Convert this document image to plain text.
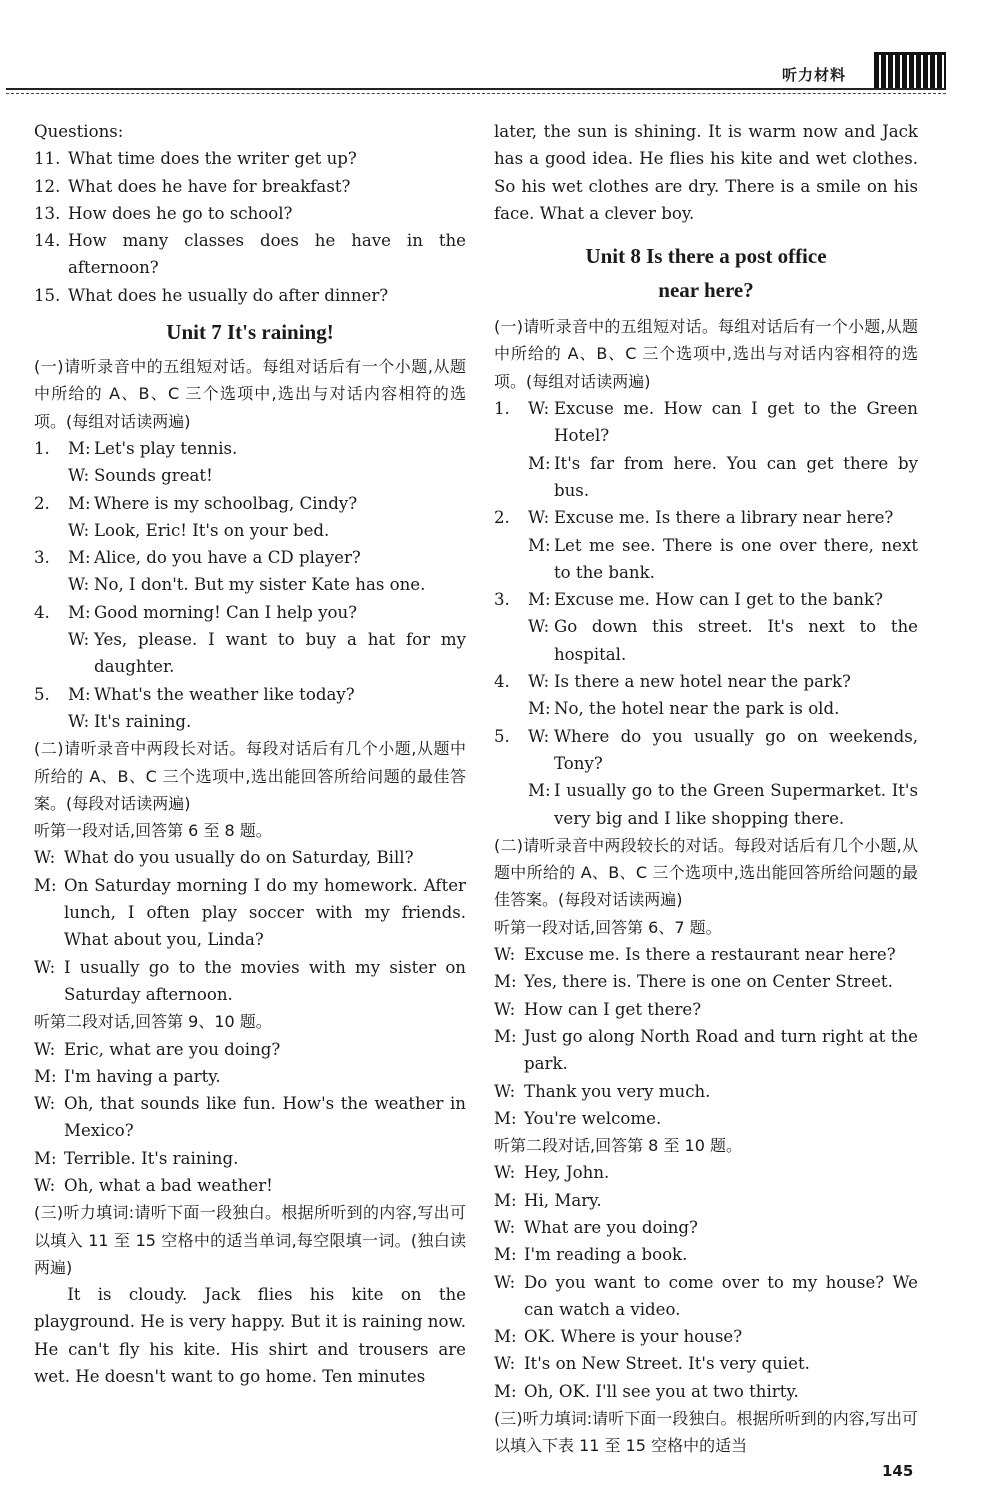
听力材料

Questions:

11. What time does the writer get up?
12. What does he have for breakfast?
13. How does he go to school?
14. How many classes does he have in the afternoon?
15. What does he usually do after dinner?
Unit 7 It's raining!

(一)请听录音中的五组短对话。每组对话后有一个小题,从题中所给的 A、B、C 三个选项中,选出与对话内容相符的选项。(每组对话读两遍)

1.	M: Let's play tennis.
W: Sounds great!
2.	M: Where is my schoolbag, Cindy?
W: Look, Eric! It's on your bed.
3.	M: Alice, do you have a CD player?
W: No, I don't. But my sister Kate has one.
4.	M: Good morning! Can I help you?
W: Yes, please. I want to buy a hat for my daughter.
5.	M: What's the weather like today?
W: It's raining.

(二)请听录音中两段长对话。每段对话后有几个小题,从题中所给的 A、B、C 三个选项中,选出能回答所给问题的最佳答案。(每段对话读两遍)

听第一段对话,回答第 6 至 8 题。

W: What do you usually do on Saturday, Bill?
M: On Saturday morning I do my homework. After lunch, I often play soccer with my friends. What about you, Linda?
W: I usually go to the movies with my sister on Saturday afternoon.

听第二段对话,回答第 9、10 题。

W: Eric, what are you doing?
M: I'm having a party.
W: Oh, that sounds like fun. How's the weather in Mexico?
M: Terrible. It's raining.
W: Oh, what a bad weather!

(三)听力填词:请听下面一段独白。根据所听到的内容,写出可以填入 11 至 15 空格中的适当单词,每空限填一词。(独白读两遍)

It is cloudy. Jack flies his kite on the playground. He is very happy. But it is raining now. He can't fly his kite. His shirt and trousers are wet. He doesn't want to go home. Ten minutes

later, the sun is shining. It is warm now and Jack has a good idea. He flies his kite and wet clothes. So his wet clothes are dry. There is a smile on his face. What a clever boy.

Unit 8 Is there a post office
near here?

(一)请听录音中的五组短对话。每组对话后有一个小题,从题中所给的 A、B、C 三个选项中,选出与对话内容相符的选项。(每组对话读两遍)

1.	W: Excuse me. How can I get to the Green Hotel?
M: It's far from here. You can get there by bus.
2.	W: Excuse me. Is there a library near here?
M: Let me see. There is one over there, next to the bank.
3.	M: Excuse me. How can I get to the bank?
W: Go down this street. It's next to the hospital.
4.	W: Is there a new hotel near the park?
M: No, the hotel near the park is old.
5.	W: Where do you usually go on weekends, Tony?
M: I usually go to the Green Supermarket. It's very big and I like shopping there.

(二)请听录音中两段较长的对话。每段对话后有几个小题,从题中所给的 A、B、C 三个选项中,选出能回答所给问题的最佳答案。(每段对话读两遍)

听第一段对话,回答第 6、7 题。

W: Excuse me. Is there a restaurant near here?
M: Yes, there is. There is one on Center Street.
W: How can I get there?
M: Just go along North Road and turn right at the park.
W: Thank you very much.
M: You're welcome.

听第二段对话,回答第 8 至 10 题。

W: Hey, John.
M: Hi, Mary.
W: What are you doing?
M: I'm reading a book.
W: Do you want to come over to my house? We can watch a video.
M: OK. Where is your house?
W: It's on New Street. It's very quiet.
M: Oh, OK. I'll see you at two thirty.

(三)听力填词:请听下面一段独白。根据所听到的内容,写出可以填入下表 11 至 15 空格中的适当

145
